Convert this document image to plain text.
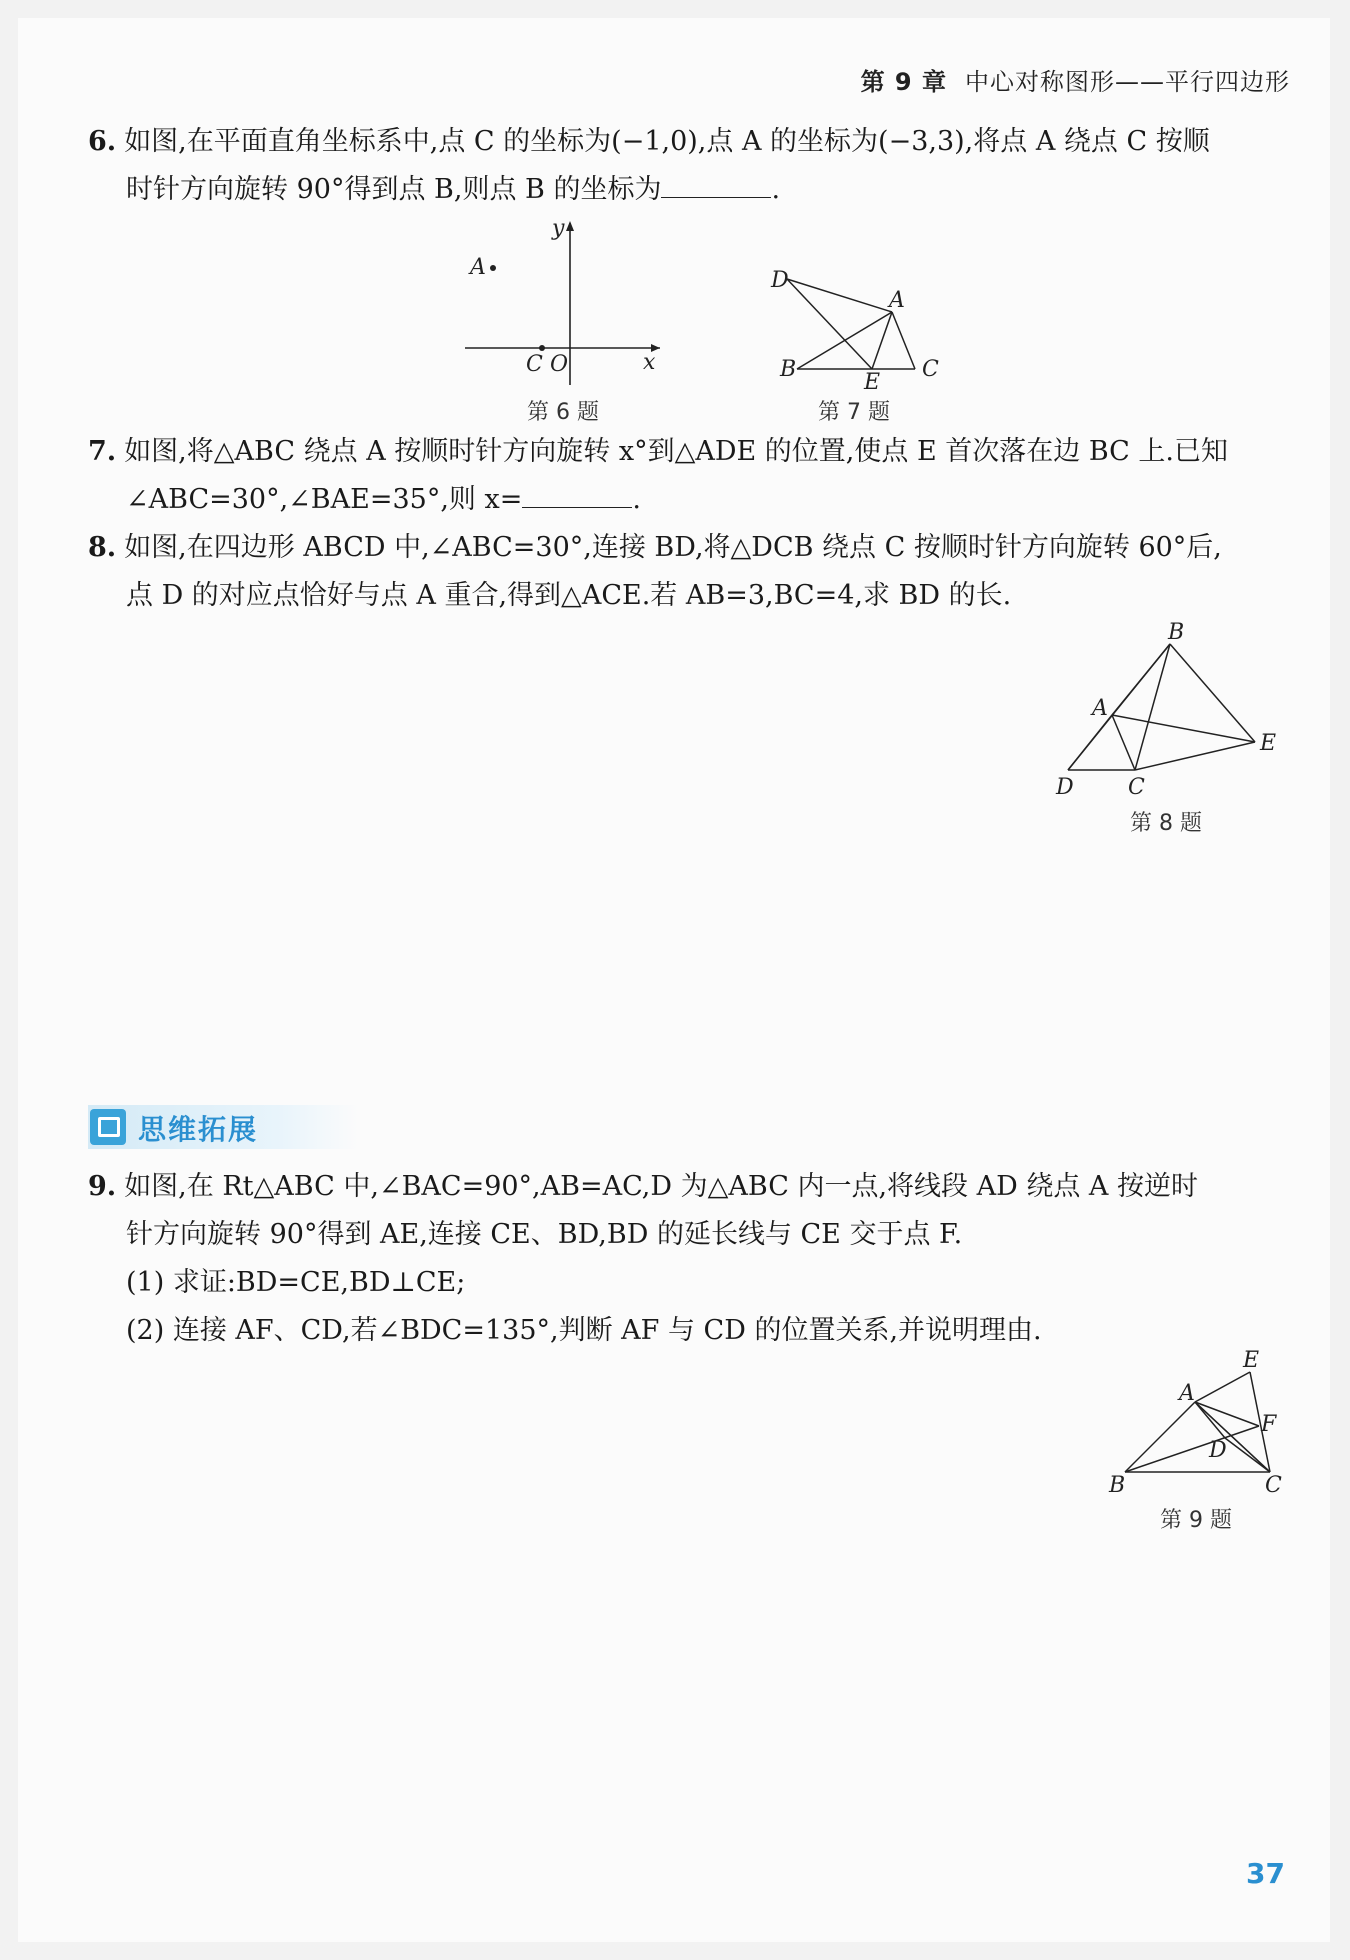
第 9 章 中心对称图形——平行四边形
6. 如图,在平面直角坐标系中,点 C 的坐标为(−1,0),点 A 的坐标为(−3,3),将点 A 绕点 C 按顺
时针方向旋转 90°得到点 B,则点 B 的坐标为	.
A
y
C O	x
第 6 题
D
A
B
E
C
第 7 题
7. 如图,将△ABC 绕点 A 按顺时针方向旋转 x°到△ADE 的位置,使点 E 首次落在边 BC 上.已知
∠ABC=30°,∠BAE=35°,则 x=	.
8. 如图,在四边形 ABCD 中,∠ABC=30°,连接 BD,将△DCB 绕点 C 按顺时针方向旋转 60°后,
点 D 的对应点恰好与点 A 重合,得到△ACE.若 AB=3,BC=4,求 BD 的长.
B
A
E
D C
第 8 题
思维拓展
9. 如图,在 Rt△ABC 中,∠BAC=90°,AB=AC,D 为△ABC 内一点,将线段 AD 绕点 A 按逆时
针方向旋转 90°得到 AE,连接 CE、BD,BD 的延长线与 CE 交于点 F.
(1) 求证:BD=CE,BD⊥CE;
(2) 连接 AF、CD,若∠BDC=135°,判断 AF 与 CD 的位置关系,并说明理由.
E
A
F
D
B	C
第 9 题
37
